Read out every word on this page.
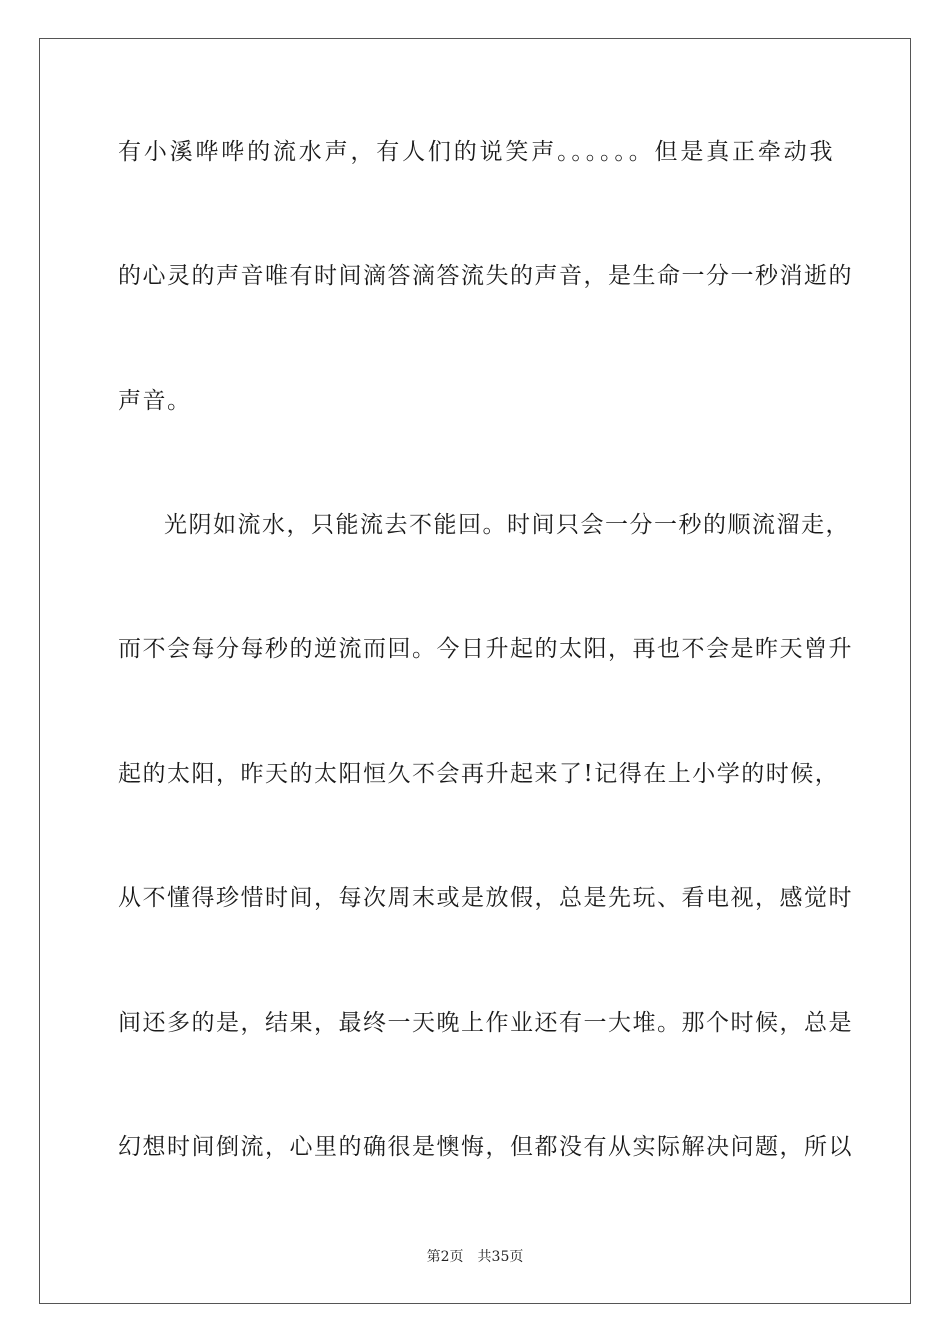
有小溪哗哗的流水声，有人们的说笑声。。。。。。但是真正牵动我
的心灵的声音唯有时间滴答滴答流失的声音，是生命一分一秒消逝的
声音。
光阴如流水，只能流去不能回。时间只会一分一秒的顺流溜走，
而不会每分每秒的逆流而回。今日升起的太阳，再也不会是昨天曾升
起的太阳，昨天的太阳恒久不会再升起来了!记得在上小学的时候，
从不懂得珍惜时间，每次周末或是放假，总是先玩、看电视，感觉时
间还多的是，结果，最终一天晚上作业还有一大堆。那个时候，总是
幻想时间倒流，心里的确很是懊悔，但都没有从实际解决问题，所以
第2页 共35页
